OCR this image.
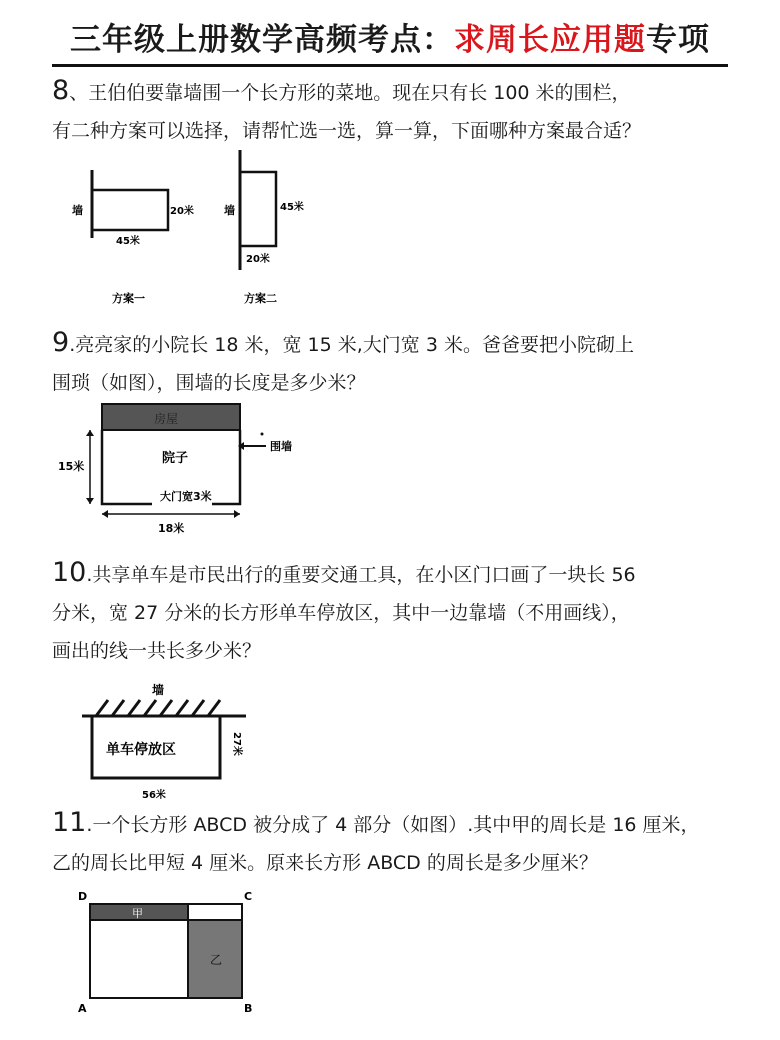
三年级上册数学高频考点：求周长应用题专项
8、王伯伯要靠墙围一个长方形的菜地。现在只有长 100 米的围栏，
有二种方案可以选择，请帮忙选一选，算一算，下面哪种方案最合适？
墙	20米
45米
方案一
墙	45米
20米
方案二
9.亮亮家的小院长 18 米，宽 15 米,大门宽 3 米。爸爸要把小院砌上
围琐（如图），围墙的长度是多少米？
房屋
院子
大门宽3米
围墙
15米
18米
10.共享单车是市民出行的重要交通工具，在小区门口画了一块长 56
分米，宽 27 分米的长方形单车停放区，其中一边靠墙（不用画线），
画出的线一共长多少米？
墙
单车停放区	27米
56米
11.一个长方形 ABCD 被分成了 4 部分（如图）.其中甲的周长是 16 厘米，
乙的周长比甲短 4 厘米。原来长方形 ABCD 的周长是多少厘米？
甲
乙
D	C
A	B
